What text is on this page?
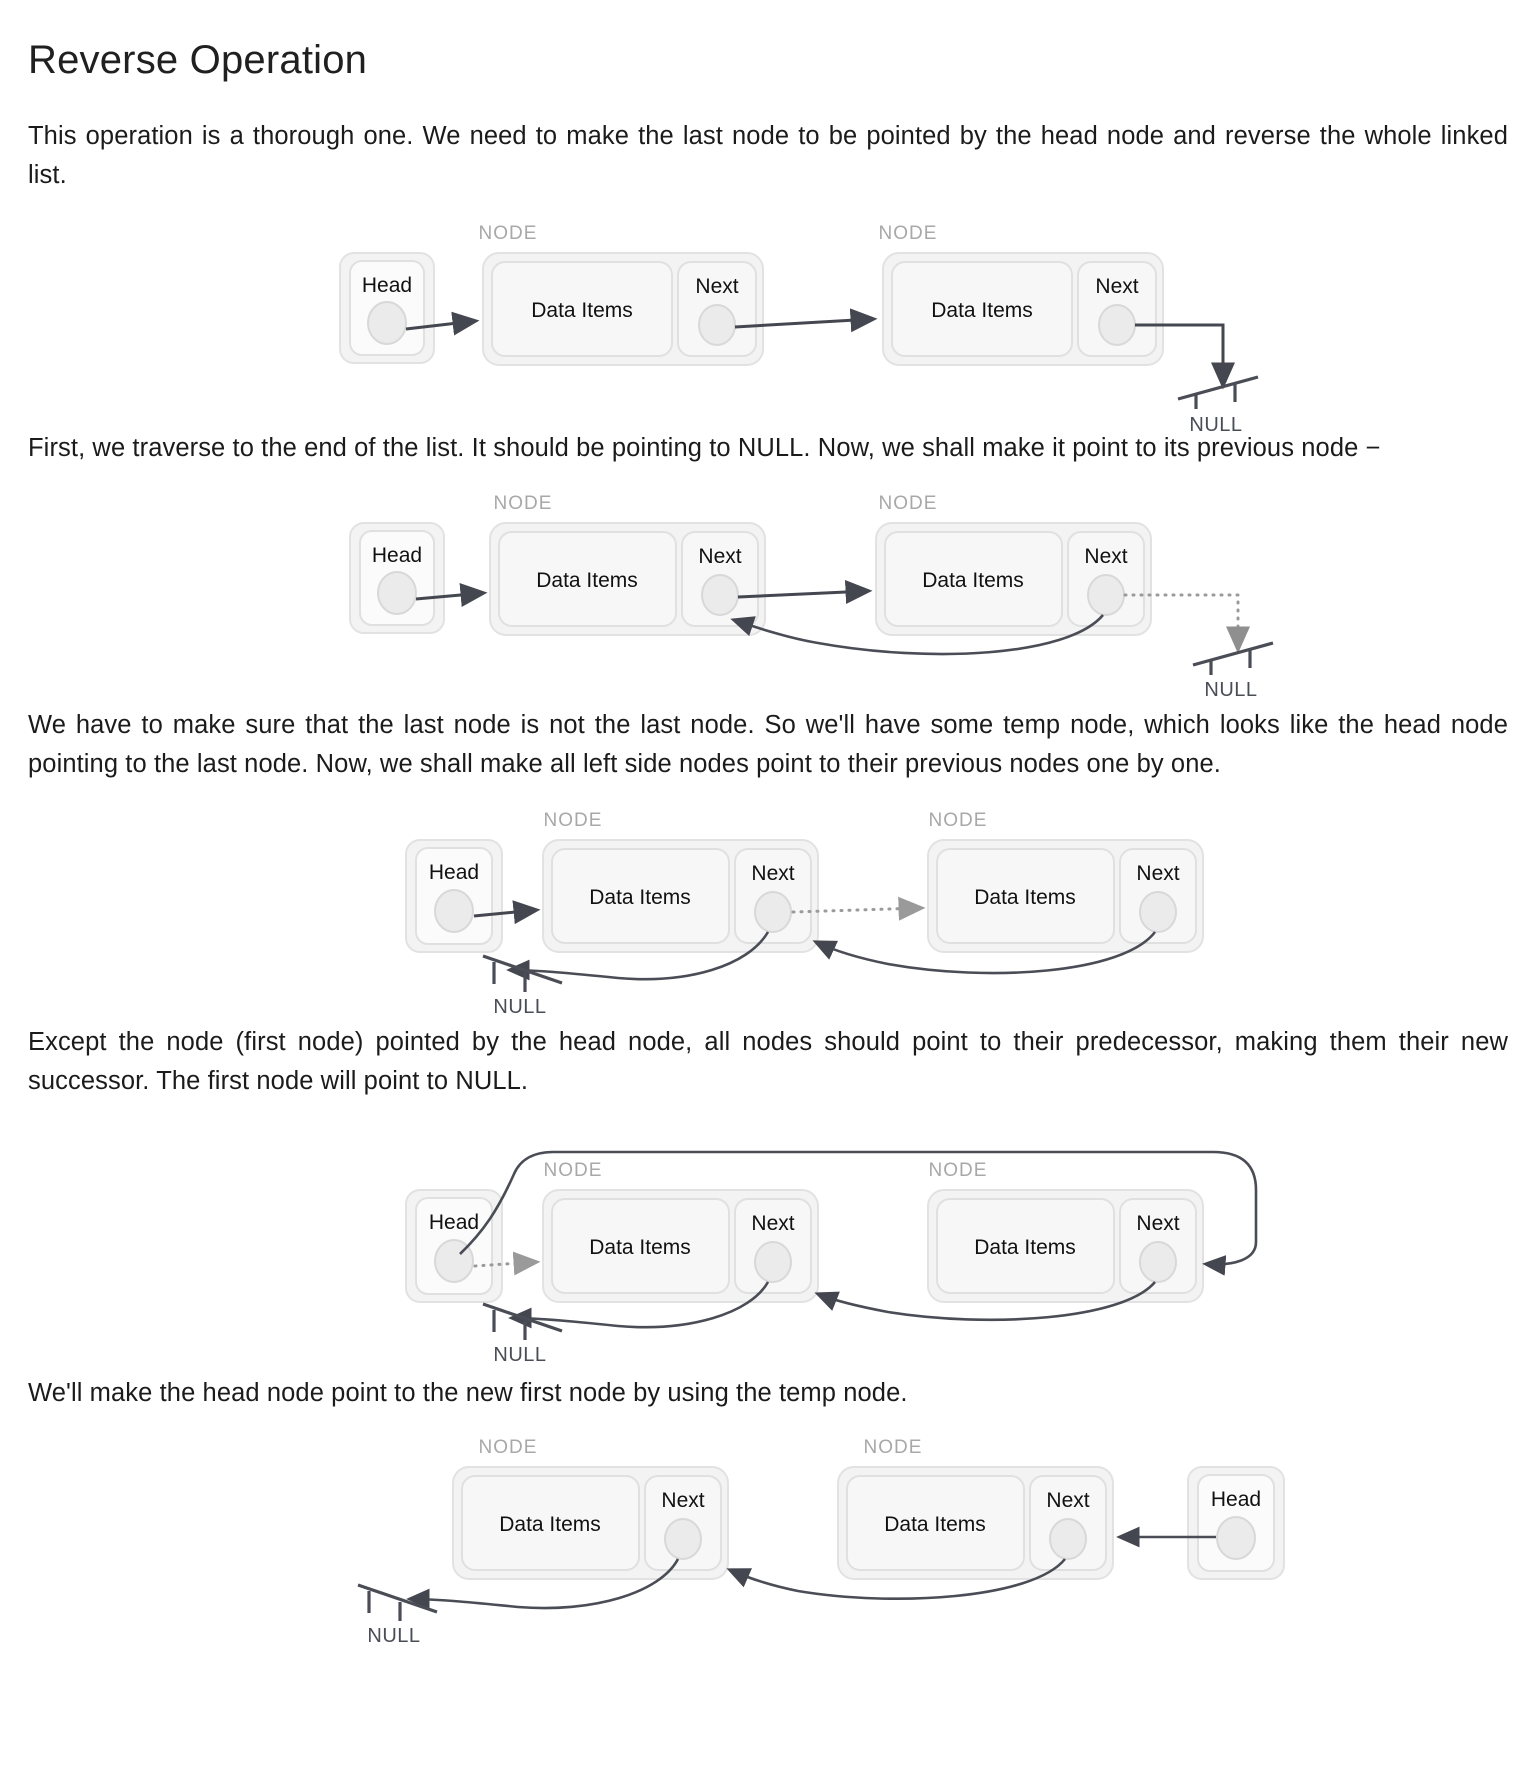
Reverse Operation

This operation is a thorough one. We need to make the last node to be pointed by the head node and reverse the whole linked list.

NODE	NODE
Head
Data Items
Next
Data Items
Next
NULL

First, we traverse to the end of the list. It should be pointing to NULL. Now, we shall make it point to its previous node −

NODE	NODE
Head
Data Items
Next
Data Items
Next
NULL

We have to make sure that the last node is not the last node. So we'll have some temp node, which looks like the head node pointing to the last node. Now, we shall make all left side nodes point to their previous nodes one by one.

NODE	NODE
Head
Data Items
Next
Data Items
Next
NULL

Except the node (first node) pointed by the head node, all nodes should point to their predecessor, making them their new successor. The first node will point to NULL.

NODE	NODE
Head
Data Items
Next
Data Items
Next
NULL

We'll make the head node point to the new first node by using the temp node.

NODE	NODE
Data Items
Next
Data Items
Next	Head
NULL
